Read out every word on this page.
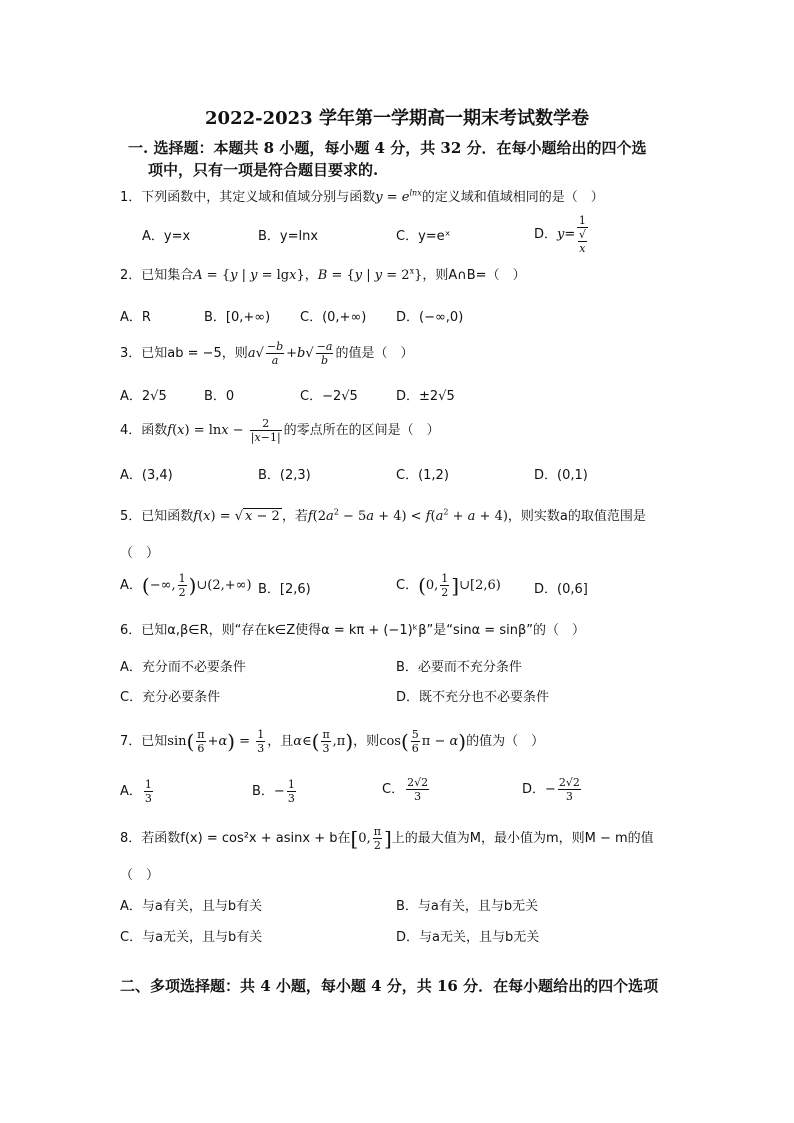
2022-2023 学年第一学期高一期末考试数学卷
一. 选择题：本题共 8 小题，每小题 4 分，共 32 分．在每小题给出的四个选
项中，只有一项是符合题目要求的.
1．下列函数中，其定义域和值域分别与函数$y = e^{lnx}$的定义域和值域相同的是（　）
A．y=x	B．y=lnx	C．y=eˣ	D．y= 1
√
x
2．已知集合A = {y | y = lgx}，B = {y | $y = 2^x$}，则A∩B=（　）
A．R	B．[0,+∞) C．(0,+∞) D．(−∞,0)
3．已知ab = −5，则$a√ \frac{-b}{a} +b√ \frac{-a}{b}$ 的值是（　）
A．2√5	B．0	C．−2√5	D．±2√5
4．函数$f(x) = \ln x - \frac{2}{|x-1|}$ 的零点所在的区间是（　）
A．(3,4)	B．(2,3)	C．(1,2)	D．(0,1)
5．已知函数f(x) = √ x − 2 ，若$f(2a^2 - 5a + 4) < f(a^2 + a + 4)$，则实数a的取值范围是
（　）
A．(−∞, $\frac{1}{2}$ )∪(2,+∞) B．[2,6)	C．(0, $\frac{1}{2}$ ]∪[2,6)	D．(0,6]
6．已知α,β∈R，则“存在k∈Z使得α = kπ + (−1)ᵏβ”是“sinα = sinβ”的（　）
A．充分而不必要条件	B．必要而不充分条件
C．充分必要条件	D．既不充分也不必要条件
7．已知$\sin( \frac{\pi}{6} +\alpha) = \frac{1}{3}$ ，且α∈( $\frac{\pi}{3} ,\pi$)，则$\cos( \frac{5}{6}$ π − α)的值为（　）
A． $\frac{1}{3}$	B．− $\frac{1}{3}$	C． $\frac{2√2}{3}$	D．− $\frac{2√2}{3}$
8．若函数f(x) = cos²x + asinx + b在[0, $\frac{\pi}{2}$ ]上的最大值为M，最小值为m，则M − m的值
（　）
A．与a有关，且与b有关	B．与a有关，且与b无关
C．与a无关，且与b有关	D．与a无关，且与b无关
二、多项选择题：共 4 小题，每小题 4 分，共 16 分．在每小题给出的四个选项
